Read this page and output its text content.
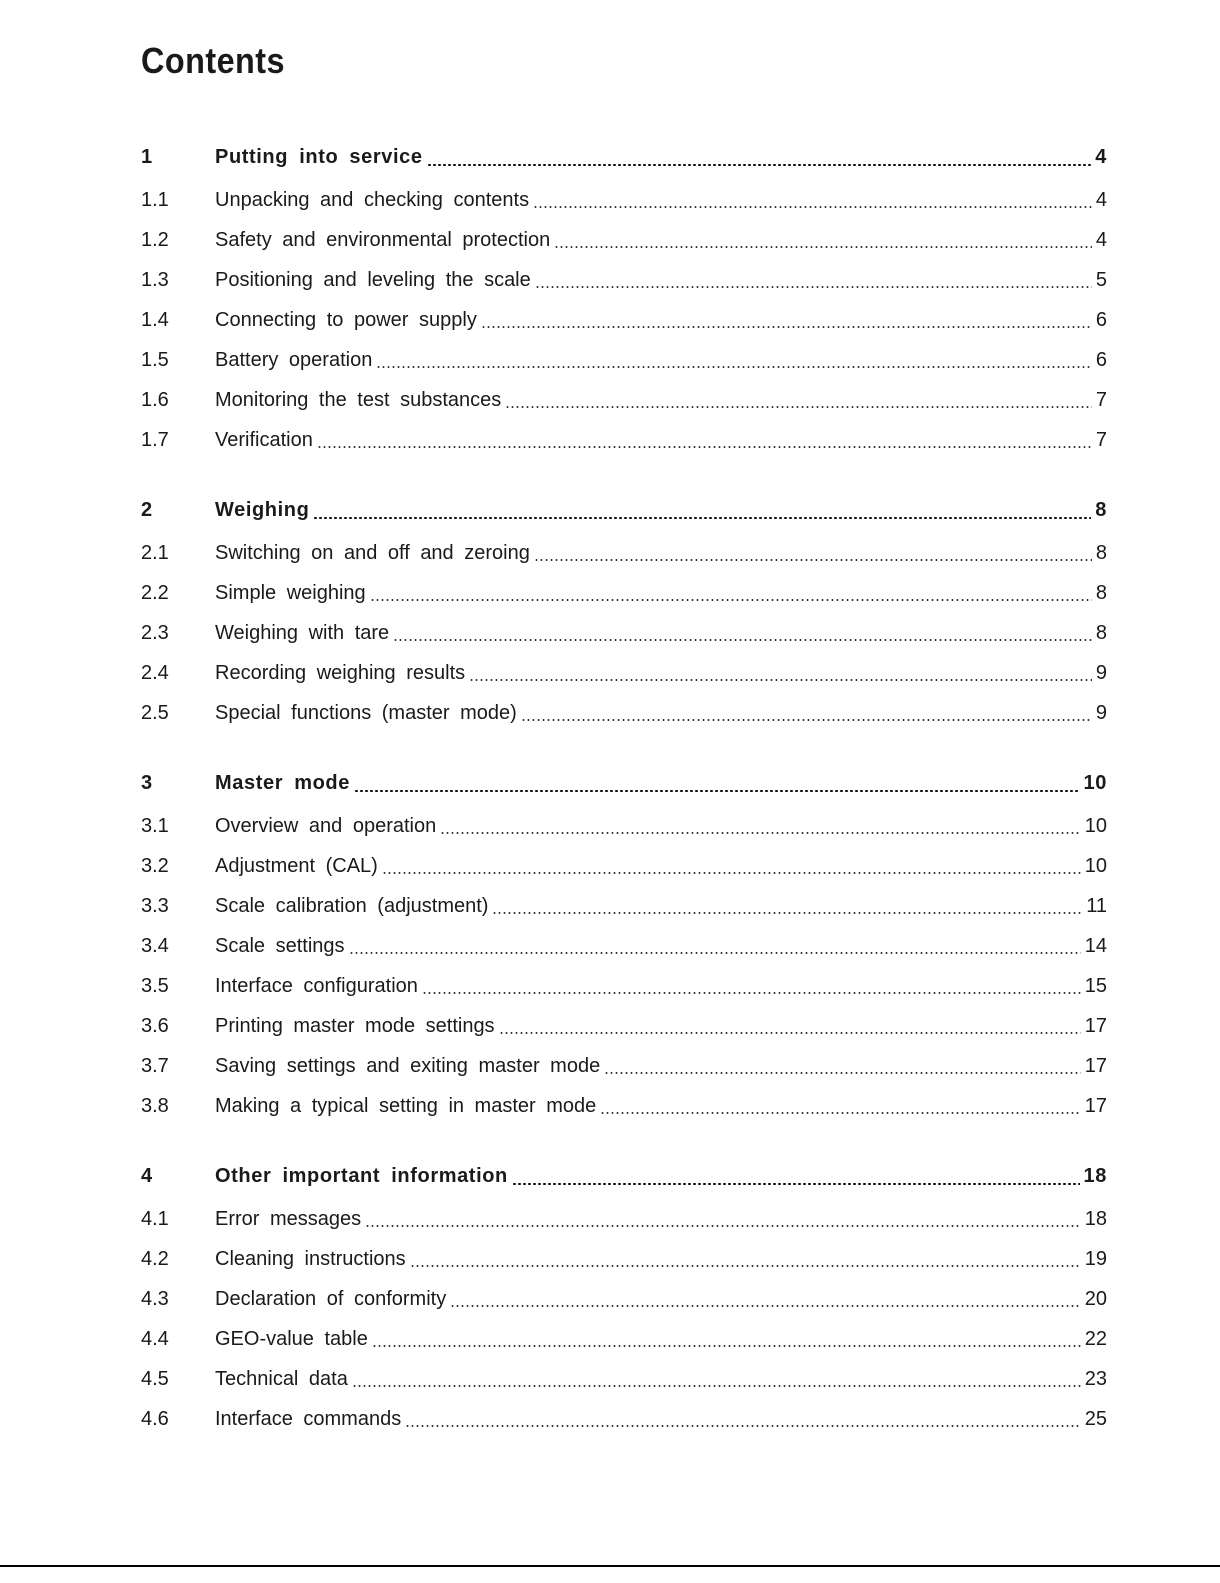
Contents
1	Putting into service	4
1.1	Unpacking and checking contents	4
1.2	Safety and environmental protection	4
1.3	Positioning and leveling the scale	5
1.4	Connecting to power supply	6
1.5	Battery operation	6
1.6	Monitoring the test substances	7
1.7	Verification	7
2	Weighing	8
2.1	Switching on and off and zeroing	8
2.2	Simple weighing	8
2.3	Weighing with tare	8
2.4	Recording weighing results	9
2.5	Special functions (master mode)	9
3	Master mode	10
3.1	Overview and operation	10
3.2	Adjustment (CAL)	10
3.3	Scale calibration (adjustment)	11
3.4	Scale settings	14
3.5	Interface configuration	15
3.6	Printing master mode settings	17
3.7	Saving settings and exiting master mode	17
3.8	Making a typical setting in master mode	17
4	Other important information	18
4.1	Error messages	18
4.2	Cleaning instructions	19
4.3	Declaration of conformity	20
4.4	GEO-value table	22
4.5	Technical data	23
4.6	Interface commands	25
